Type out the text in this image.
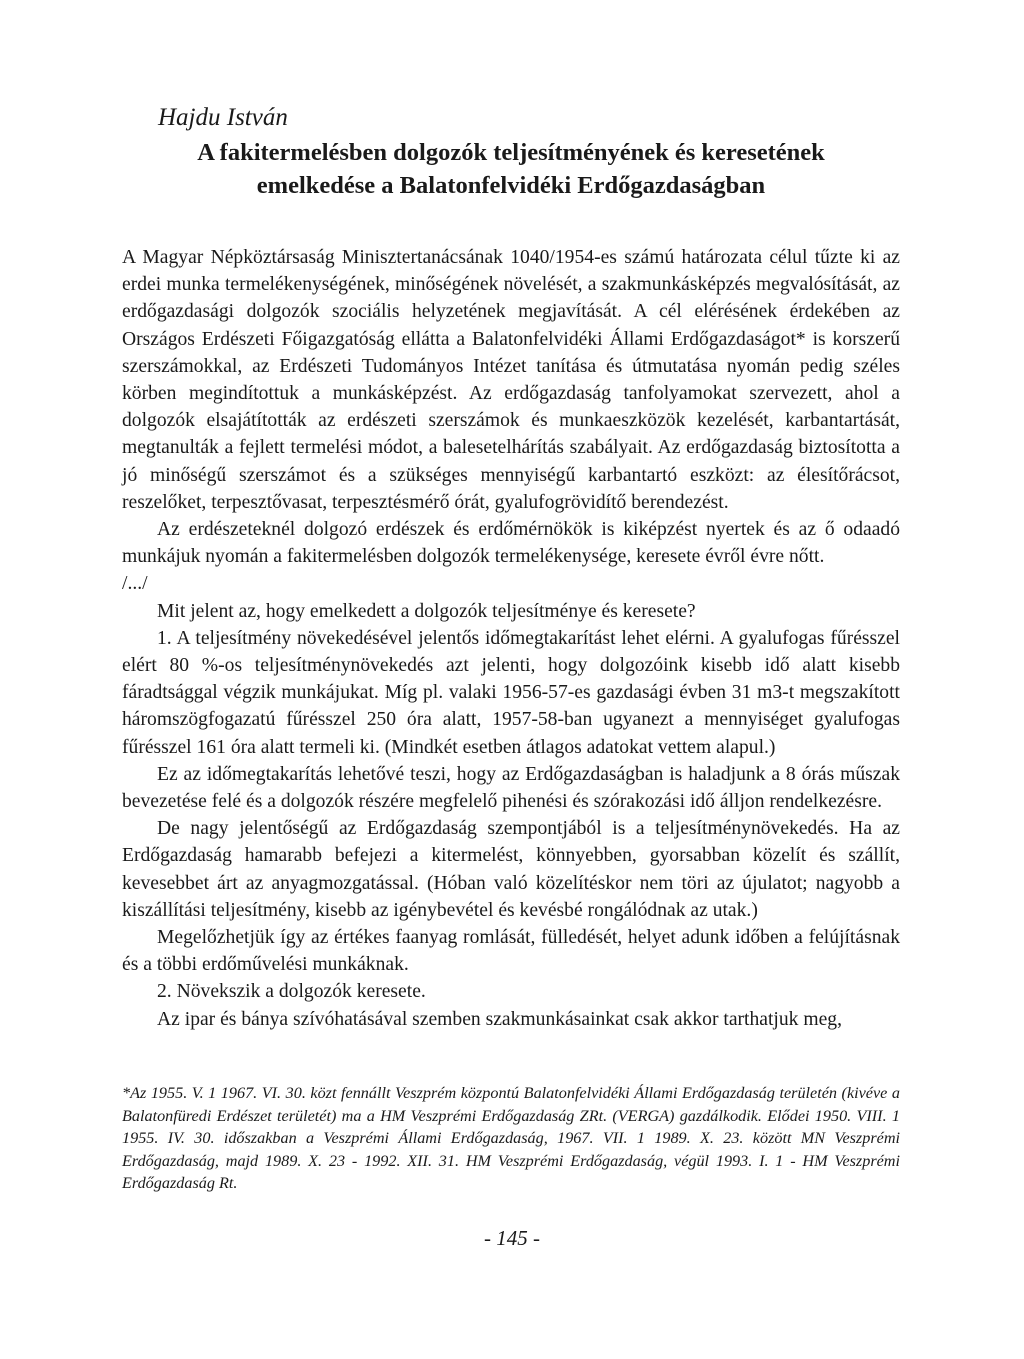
Hajdu István

A fakitermelésben dolgozók teljesítményének és keresetének
emelkedése a Balatonfelvidéki Erdőgazdaságban

A Magyar Népköztársaság Minisztertanácsának 1040/1954-es számú határozata célul tűzte ki az erdei munka termelékenységének, minőségének növelését, a szakmunkásképzés megvalósítását, az erdőgazdasági dolgozók szociális helyzetének megjavítását. A cél elérésének érdekében az Országos Erdészeti Főigazgatóság ellátta a Balatonfelvidéki Állami Erdőgazdaságot* is korszerű szerszámokkal, az Erdészeti Tudományos Intézet tanítása és útmutatása nyomán pedig széles körben megindítottuk a munkásképzést. Az erdőgazdaság tanfolyamokat szervezett, ahol a dolgozók elsajátították az erdészeti szerszámok és munkaeszközök kezelését, karbantartását, megtanulták a fejlett termelési módot, a balesetelhárítás szabályait. Az erdőgazdaság biztosította a jó minőségű szerszámot és a szükséges mennyiségű karbantartó eszközt: az élesítőrácsot, reszelőket, terpesztővasat, terpesztésmérő órát, gyalufogrövidítő berendezést.

Az erdészeteknél dolgozó erdészek és erdőmérnökök is kiképzést nyertek és az ő odaadó munkájuk nyomán a fakitermelésben dolgozók termelékenysége, keresete évről évre nőtt.

/.../

Mit jelent az, hogy emelkedett a dolgozók teljesítménye és keresete?

1. A teljesítmény növekedésével jelentős időmegtakarítást lehet elérni. A gyalufogas fűrésszel elért 80 %-os teljesítménynövekedés azt jelenti, hogy dolgozóink kisebb idő alatt kisebb fáradtsággal végzik munkájukat. Míg pl. valaki 1956-57-es gazdasági évben 31 m3-t megszakított háromszögfogazatú fűrésszel 250 óra alatt, 1957-58-ban ugyanezt a mennyiséget gyalufogas fűrésszel 161 óra alatt termeli ki. (Mindkét esetben átlagos adatokat vettem alapul.)

Ez az időmegtakarítás lehetővé teszi, hogy az Erdőgazdaságban is haladjunk a 8 órás műszak bevezetése felé és a dolgozók részére megfelelő pihenési és szórakozási idő álljon rendelkezésre.

De nagy jelentőségű az Erdőgazdaság szempontjából is a teljesítménynövekedés. Ha az Erdőgazdaság hamarabb befejezi a kitermelést, könnyebben, gyorsabban közelít és szállít, kevesebbet árt az anyagmozgatással. (Hóban való közelítéskor nem töri az újulatot; nagyobb a kiszállítási teljesítmény, kisebb az igénybevétel és kevésbé rongálódnak az utak.)

Megelőzhetjük így az értékes faanyag romlását, fülledését, helyet adunk időben a felújításnak és a többi erdőművelési munkáknak.

2. Növekszik a dolgozók keresete.

Az ipar és bánya szívóhatásával szemben szakmunkásainkat csak akkor tarthatjuk meg,

*Az 1955. V. 1 1967. VI. 30. közt fennállt Veszprém központú Balatonfelvidéki Állami Erdőgazdaság területén (kivéve a Balatonfüredi Erdészet területét) ma a HM Veszprémi Erdőgazdaság ZRt. (VERGA) gazdálkodik. Elődei 1950. VIII. 1 1955. IV. 30. időszakban a Veszprémi Állami Erdőgazdaság, 1967. VII. 1 1989. X. 23. között MN Veszprémi Erdőgazdaság, majd 1989. X. 23 - 1992. XII. 31. HM Veszprémi Erdőgazdaság, végül 1993. I. 1 - HM Veszprémi Erdőgazdaság Rt.

- 145 -
